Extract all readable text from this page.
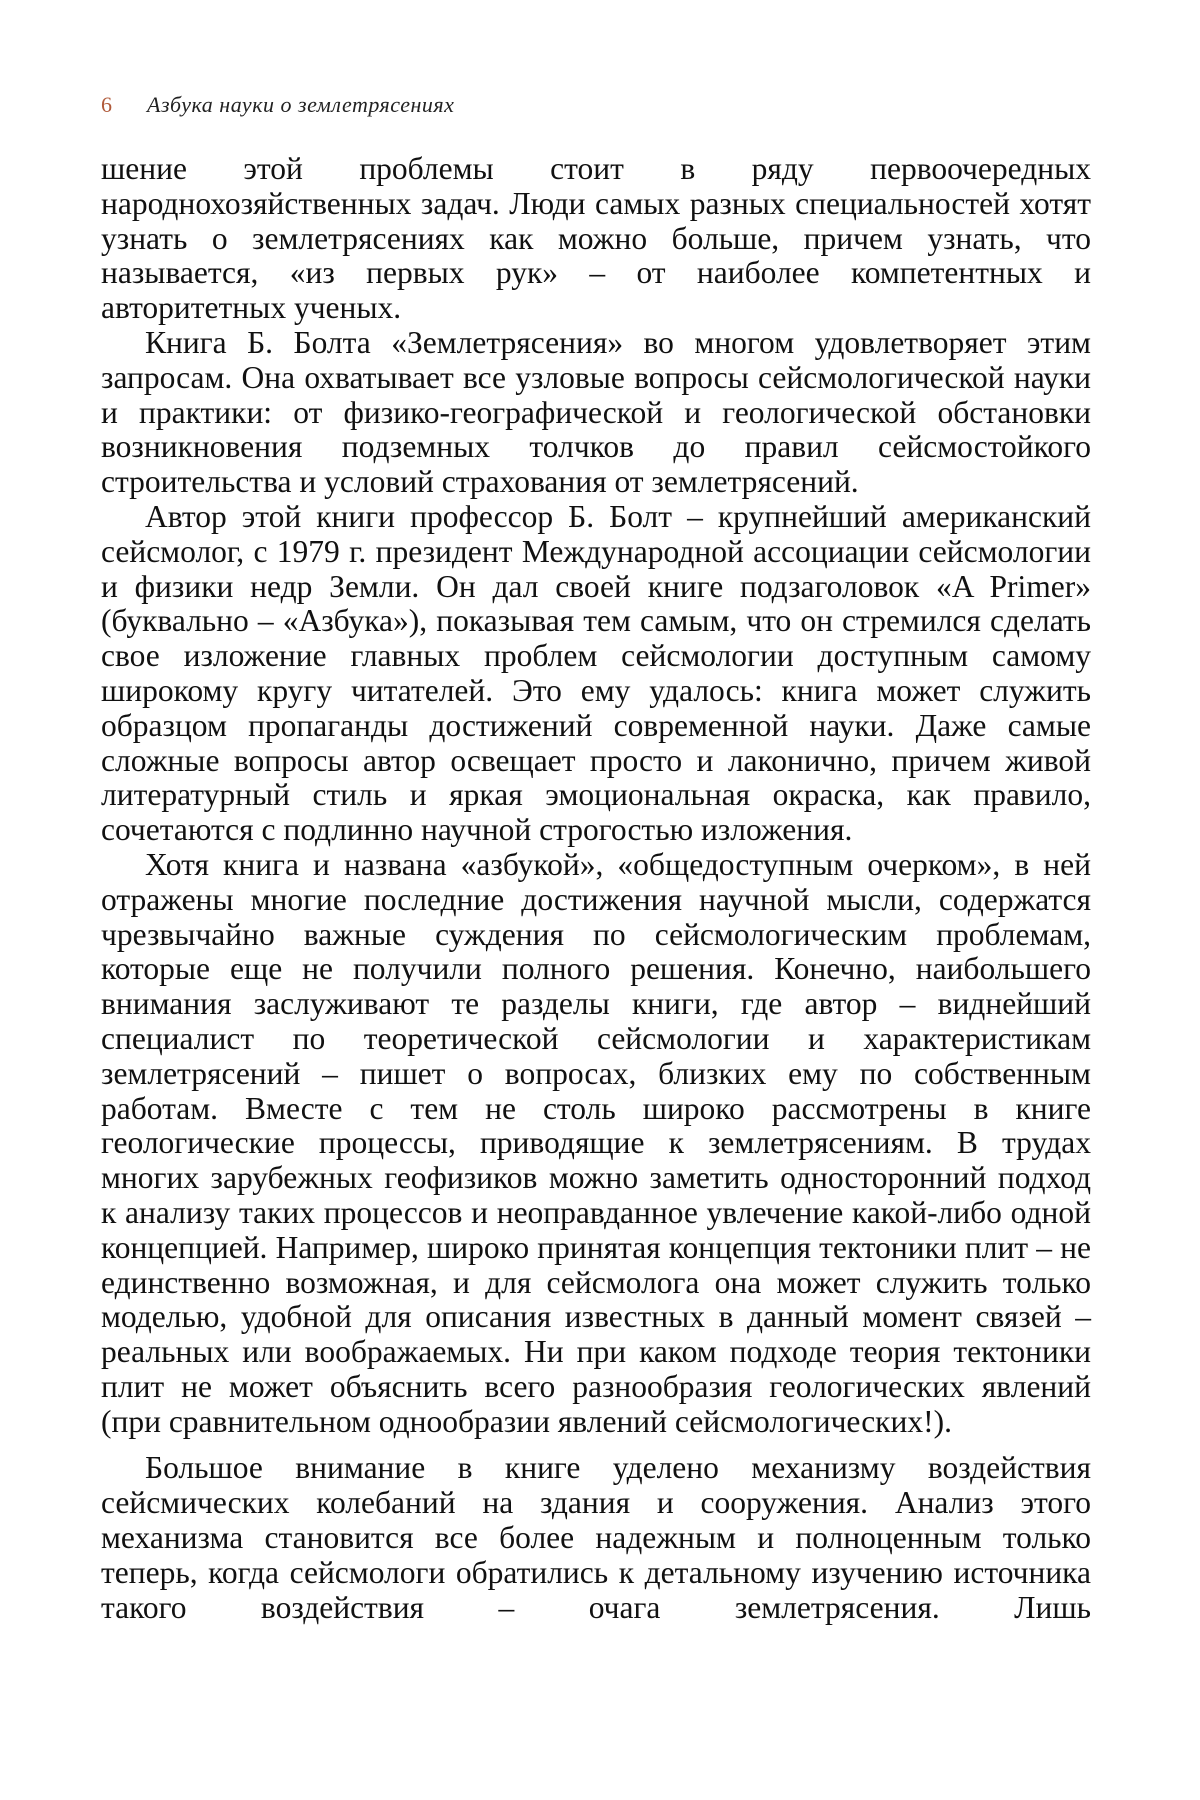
6 Азбука науки о землетрясениях

шение этой проблемы стоит в ряду первоочередных народнохозяйственных задач. Люди самых разных специальностей хотят узнать о землетрясениях как можно больше, причем узнать, что называется, «из первых рук» – от наиболее компетентных и авторитетных ученых.

Книга Б. Болта «Землетрясения» во многом удовлетворяет этим запросам. Она охватывает все узловые вопросы сейсмологической науки и практики: от физико-географической и геологической обстановки возникновения подземных толчков до правил сейсмостойкого строительства и условий страхования от землетрясений.

Автор этой книги профессор Б. Болт – крупнейший американский сейсмолог, с 1979 г. президент Международной ассоциации сейсмологии и физики недр Земли. Он дал своей книге подзаголовок «A Primer» (буквально – «Азбука»), показывая тем самым, что он стремился сделать свое изложение главных проблем сейсмологии доступным самому широкому кругу читателей. Это ему удалось: книга может служить образцом пропаганды достижений современной науки. Даже самые сложные вопросы автор освещает просто и лаконично, причем живой литературный стиль и яркая эмоциональная окраска, как правило, сочетаются с подлинно научной строгостью изложения.

Хотя книга и названа «азбукой», «общедоступным очерком», в ней отражены многие последние достижения научной мысли, содержатся чрезвычайно важные суждения по сейсмологическим проблемам, которые еще не получили полного решения. Конечно, наибольшего внимания заслуживают те разделы книги, где автор – виднейший специалист по теоретической сейсмологии и характеристикам землетрясений – пишет о вопросах, близких ему по собственным работам. Вместе с тем не столь широко рассмотрены в книге геологические процессы, приводящие к землетрясениям. В трудах многих зарубежных геофизиков можно заметить односторонний подход к анализу таких процессов и неоправданное увлечение какой-либо одной концепцией. Например, широко принятая концепция тектоники плит – не единственно возможная, и для сейсмолога она может служить только моделью, удобной для описания известных в данный момент связей – реальных или воображаемых. Ни при каком подходе теория тектоники плит не может объяснить всего разнообразия геологических явлений (при сравнительном однообразии явлений сейсмологических!).

Большое внимание в книге уделено механизму воздействия сейсмических колебаний на здания и сооружения. Анализ этого механизма становится все более надежным и полноценным только теперь, когда сейсмологи обратились к детальному изучению источника такого воздействия – очага землетрясения. Лишь
